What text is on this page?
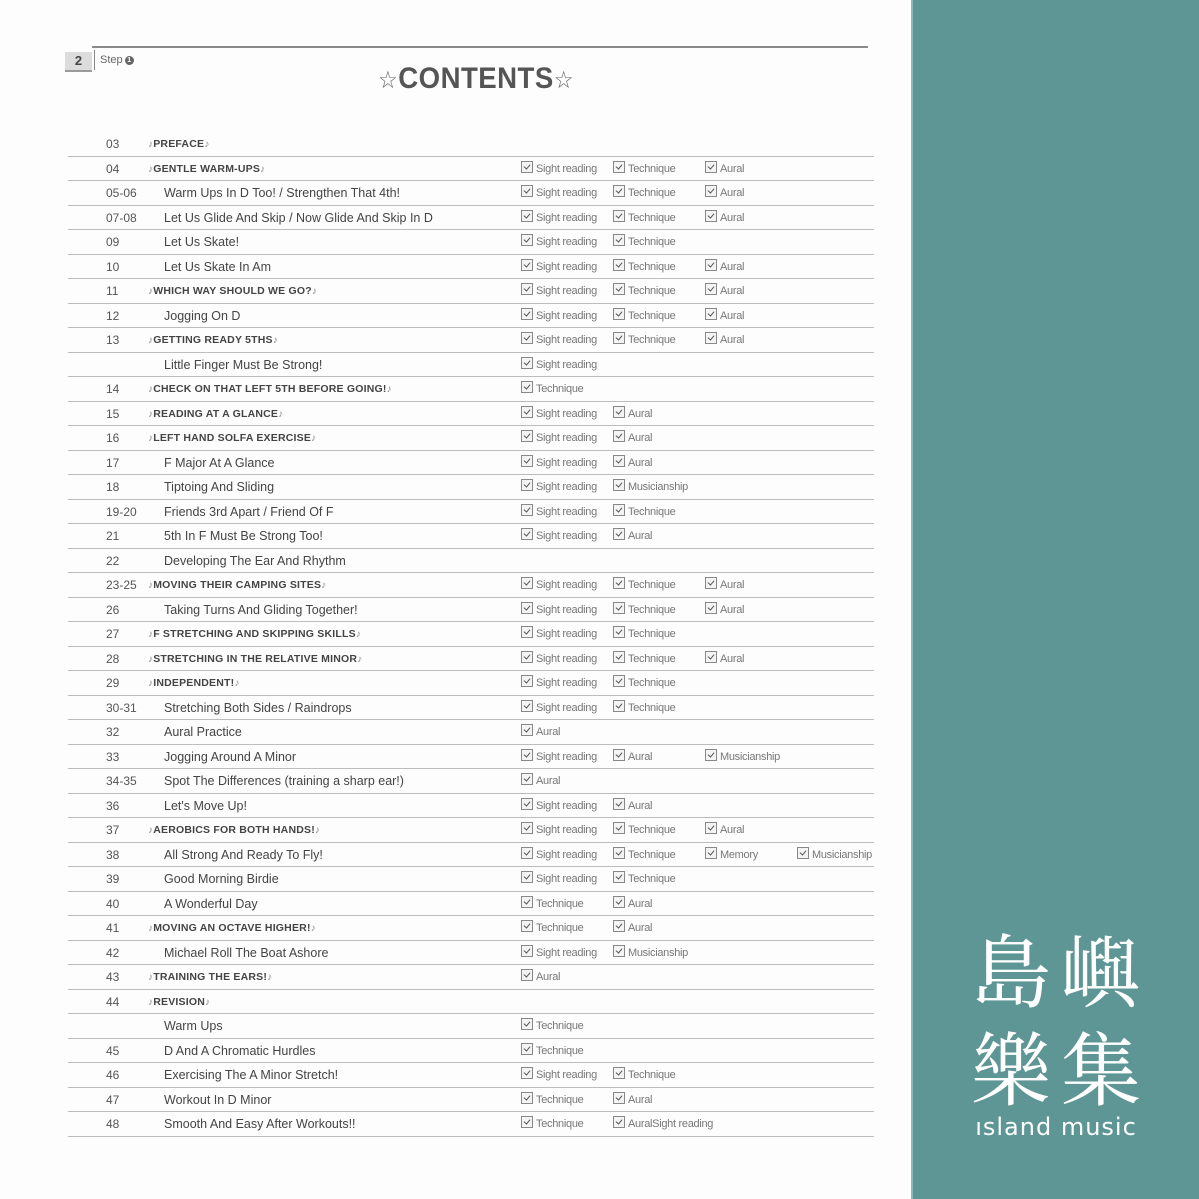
2	Step 1
☆CONTENTS☆
03	♪PREFACE♪
04	♪GENTLE WARM-UPS♪	Sight reading	Technique	Aural
05-06	Warm Ups In D Too! / Strengthen That 4th!	Sight reading	Technique	Aural
07-08	Let Us Glide And Skip / Now Glide And Skip In D	Sight reading	Technique	Aural
09	Let Us Skate!	Sight reading	Technique
10	Let Us Skate In Am	Sight reading	Technique	Aural
11	♪WHICH WAY SHOULD WE GO?♪	Sight reading	Technique	Aural
12	Jogging On D	Sight reading	Technique	Aural
13	♪GETTING READY 5THS♪	Sight reading	Technique	Aural
Little Finger Must Be Strong!	Sight reading
14	♪CHECK ON THAT LEFT 5TH BEFORE GOING!♪	Technique
15	♪READING AT A GLANCE♪	Sight reading	Aural
16	♪LEFT HAND SOLFA EXERCISE♪	Sight reading	Aural
17	F Major At A Glance	Sight reading	Aural
18	Tiptoing And Sliding	Sight reading	Musicianship
19-20	Friends 3rd Apart / Friend Of F	Sight reading	Technique
21	5th In F Must Be Strong Too!	Sight reading	Aural
22	Developing The Ear And Rhythm
23-25	♪MOVING THEIR CAMPING SITES♪	Sight reading	Technique	Aural
26	Taking Turns And Gliding Together!	Sight reading	Technique	Aural
27	♪F STRETCHING AND SKIPPING SKILLS♪	Sight reading	Technique
28	♪STRETCHING IN THE RELATIVE MINOR♪	Sight reading	Technique	Aural
29	♪INDEPENDENT!♪	Sight reading	Technique
30-31	Stretching Both Sides / Raindrops	Sight reading	Technique
32	Aural Practice	Aural
33	Jogging Around A Minor	Sight reading	Aural	Musicianship
34-35	Spot The Differences (training a sharp ear!)	Aural
36	Let's Move Up!	Sight reading	Aural
37	♪AEROBICS FOR BOTH HANDS!♪	Sight reading	Technique	Aural
38	All Strong And Ready To Fly!	Sight reading	Technique	Memory	Musicianship
39	Good Morning Birdie	Sight reading	Technique
40	A Wonderful Day	Technique	Aural
41	♪MOVING AN OCTAVE HIGHER!♪	Technique	Aural
42	Michael Roll The Boat Ashore	Sight reading	Musicianship
43	♪TRAINING THE EARS!♪	Aural
44	♪REVISION♪
Warm Ups	Technique
45	D And A Chromatic Hurdles	Technique
46	Exercising The A Minor Stretch!	Sight reading	Technique
47	Workout In D Minor	Technique	Aural
48	Smooth And Easy After Workouts!!	Technique	AuralSight reading
島 嶼
樂 集
ısland music
